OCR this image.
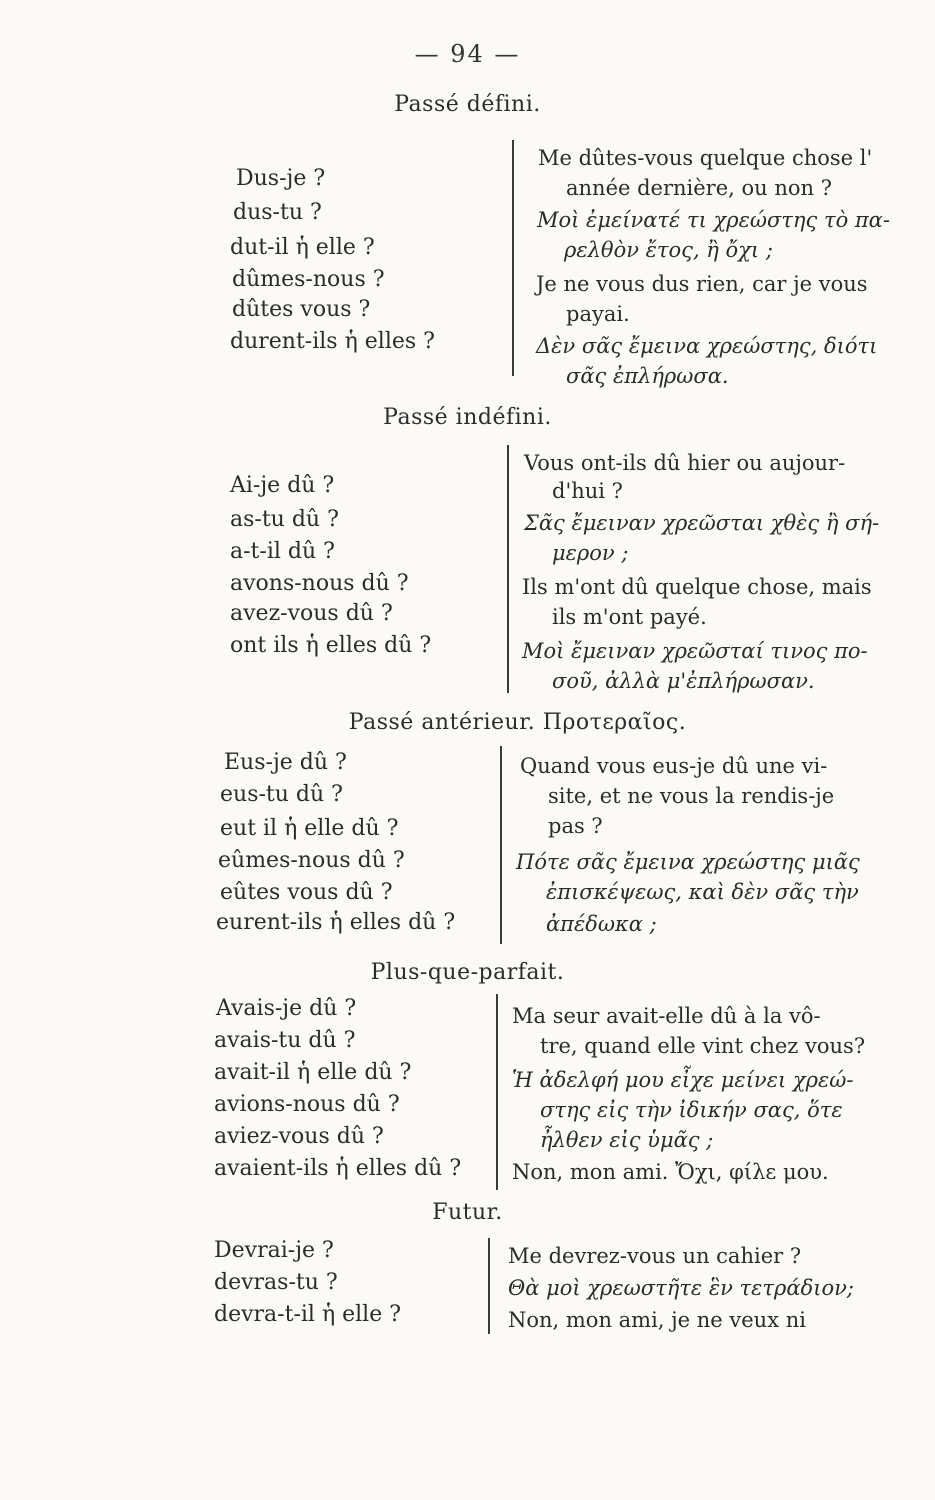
— 94 —
Passé défini.
Dus-je ?
dus-tu ?
dut-il ἡ elle ?
dûmes-nous ?
dûtes vous ?
durent-ils ἡ elles ?
Me dûtes-vous quelque chose l'
année dernière, ou non ?
Μοὶ ἐμείνατέ τι χρεώστης τὸ πα-
ρελθὸν ἔτος, ἢ ὄχι ;
Je ne vous dus rien, car je vous
payai.
Δὲν σᾶς ἔμεινα χρεώστης, διότι
σᾶς ἐπλήρωσα.
Passé indéfini.
Ai-je dû ?
as-tu dû ?
a-t-il dû ?
avons-nous dû ?
avez-vous dû ?
ont ils ἡ elles dû ?
Vous ont-ils dû hier ou aujour-
d'hui ?
Σᾶς ἔμειναν χρεῶσται χθὲς ἢ σή-
μερον ;
Ils m'ont dû quelque chose, mais
ils m'ont payé.
Μοὶ ἔμειναν χρεῶσταί τινος πο-
σοῦ, ἀλλὰ μ'ἐπλήρωσαν.
Passé antérieur. Προτεραῖος.
Eus-je dû ?
eus-tu dû ?
eut il ἡ elle dû ?
eûmes-nous dû ?
eûtes vous dû ?
eurent-ils ἡ elles dû ?
Quand vous eus-je dû une vi-
site, et ne vous la rendis-je
pas ?
Πότε σᾶς ἔμεινα χρεώστης μιᾶς
ἐπισκέψεως, καὶ δὲν σᾶς τὴν
ἀπέδωκα ;
Plus-que-parfait.
Avais-je dû ?
avais-tu dû ?
avait-il ἡ elle dû ?
avions-nous dû ?
aviez-vous dû ?
avaient-ils ἡ elles dû ?
Ma seur avait-elle dû à la vô-
tre, quand elle vint chez vous?
Ἡ ἀδελφή μου εἶχε μείνει χρεώ-
στης εἰς τὴν ἰδικήν σας, ὅτε
ἦλθεν εἰς ὑμᾶς ;
Non, mon ami. Ὄχι, φίλε μου.
Futur.
Devrai-je ?
devras-tu ?
devra-t-il ἡ elle ?
Me devrez-vous un cahier ?
Θὰ μοὶ χρεωστῆτε ἓν τετράδιον;
Non, mon ami, je ne veux ni
